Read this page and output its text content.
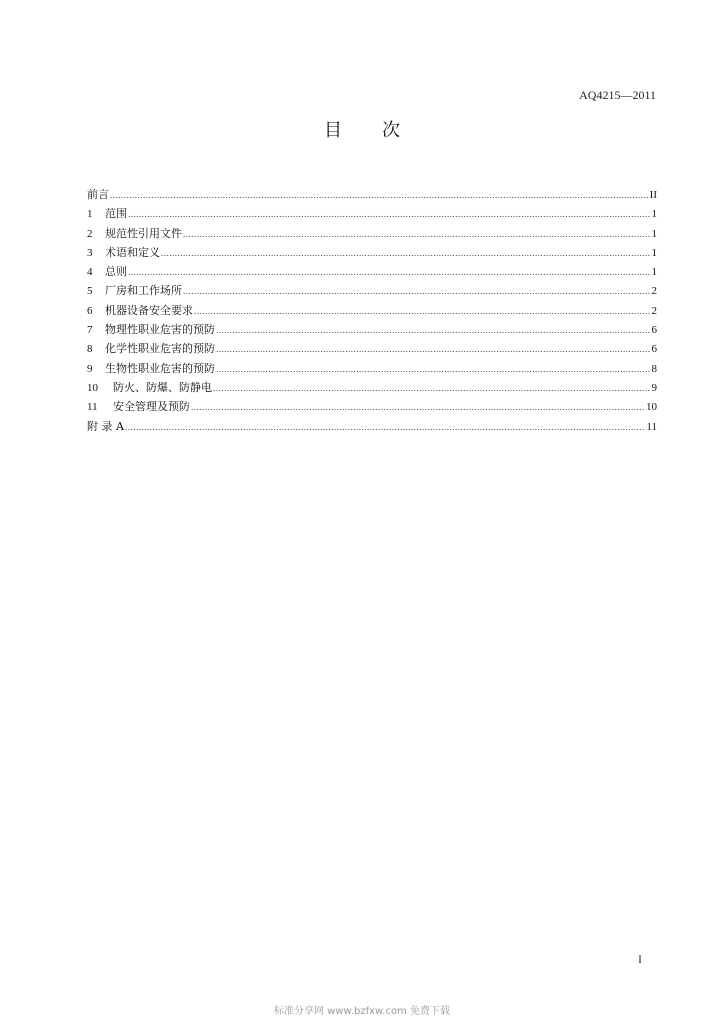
AQ4215—2011
目次
前言 .....	II
1	范围 .....	1
2	规范性引用文件 .....	1
3	术语和定义 .....	1
4	总则 .....	1
5	厂房和工作场所 .....	2
6	机器设备安全要求 .....	2
7	物理性职业危害的预防 .....	6
8	化学性职业危害的预防 .....	6
9	生物性职业危害的预防 .....	8
10	防火、防爆、防静电 .....	9
11	安全管理及预防 .....	10
附 录 A .....	11
I
标准分享网 www.bzfxw.com 免费下载
